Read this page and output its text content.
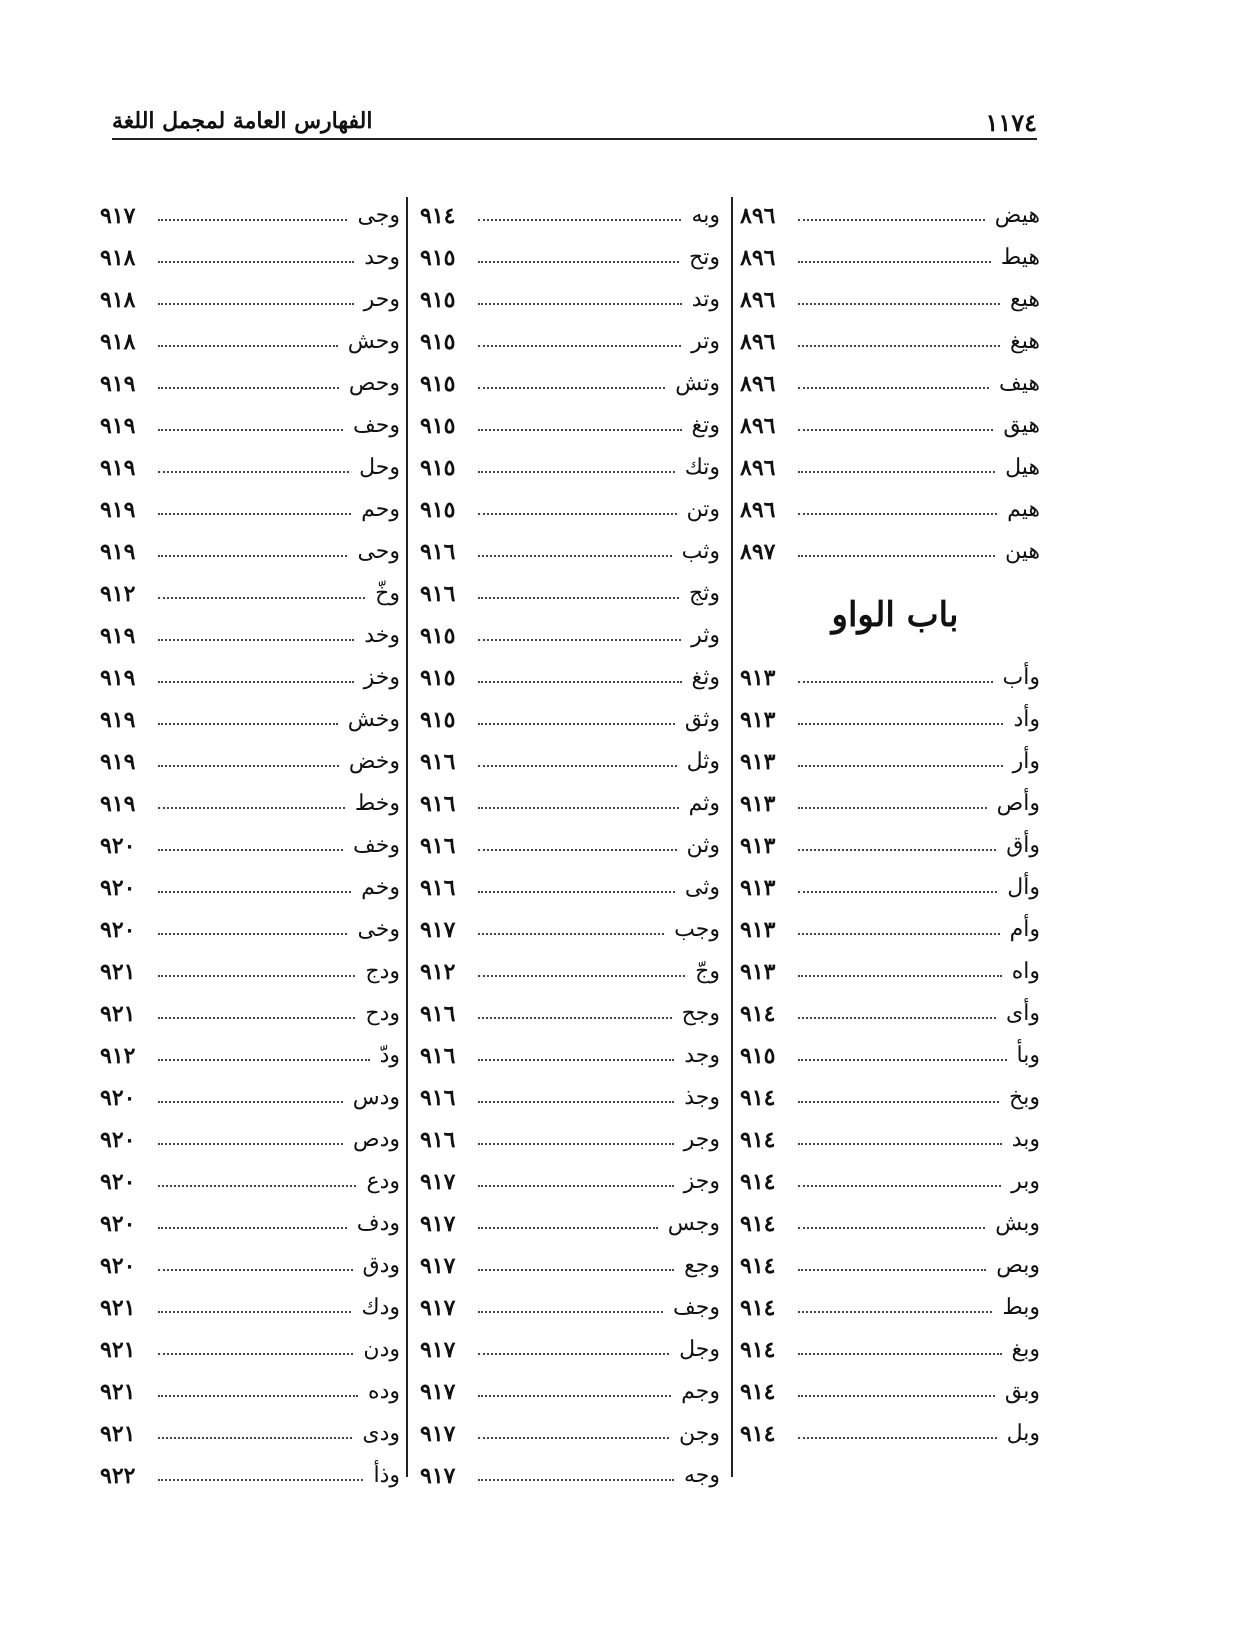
١١٧٤
الفهارس العامة لمجمل اللغة
هيض
٨٩٦
هيط
٨٩٦
هيع
٨٩٦
هيغ
٨٩٦
هيف
٨٩٦
هيق
٨٩٦
هيل
٨٩٦
هيم
٨٩٦
هين
٨٩٧
باب الواو
وأب
٩١٣
وأد
٩١٣
وأر
٩١٣
وأص
٩١٣
وأق
٩١٣
وأل
٩١٣
وأم
٩١٣
واه
٩١٣
وأى
٩١٤
وبأ
٩١٥
وبخ
٩١٤
وبد
٩١٤
وبر
٩١٤
وبش
٩١٤
وبص
٩١٤
وبط
٩١٤
وبغ
٩١٤
وبق
٩١٤
وبل
٩١٤
وبه
٩١٤
وتح
٩١٥
وتد
٩١٥
وتر
٩١٥
وتش
٩١٥
وتغ
٩١٥
وتك
٩١٥
وتن
٩١٥
وثب
٩١٦
وثج
٩١٦
وثر
٩١٥
وثغ
٩١٥
وثق
٩١٥
وثل
٩١٦
وثم
٩١٦
وثن
٩١٦
وثى
٩١٦
وجب
٩١٧
وجّ
٩١٢
وجح
٩١٦
وجد
٩١٦
وجذ
٩١٦
وجر
٩١٦
وجز
٩١٧
وجس
٩١٧
وجع
٩١٧
وجف
٩١٧
وجل
٩١٧
وجم
٩١٧
وجن
٩١٧
وجه
٩١٧
وجى
٩١٧
وحد
٩١٨
وحر
٩١٨
وحش
٩١٨
وحص
٩١٩
وحف
٩١٩
وحل
٩١٩
وحم
٩١٩
وحى
٩١٩
وخّ
٩١٢
وخد
٩١٩
وخز
٩١٩
وخش
٩١٩
وخض
٩١٩
وخط
٩١٩
وخف
٩٢٠
وخم
٩٢٠
وخى
٩٢٠
ودج
٩٢١
ودح
٩٢١
ودّ
٩١٢
ودس
٩٢٠
ودص
٩٢٠
ودع
٩٢٠
ودف
٩٢٠
ودق
٩٢٠
ودك
٩٢١
ودن
٩٢١
وده
٩٢١
ودى
٩٢١
وذأ
٩٢٢
